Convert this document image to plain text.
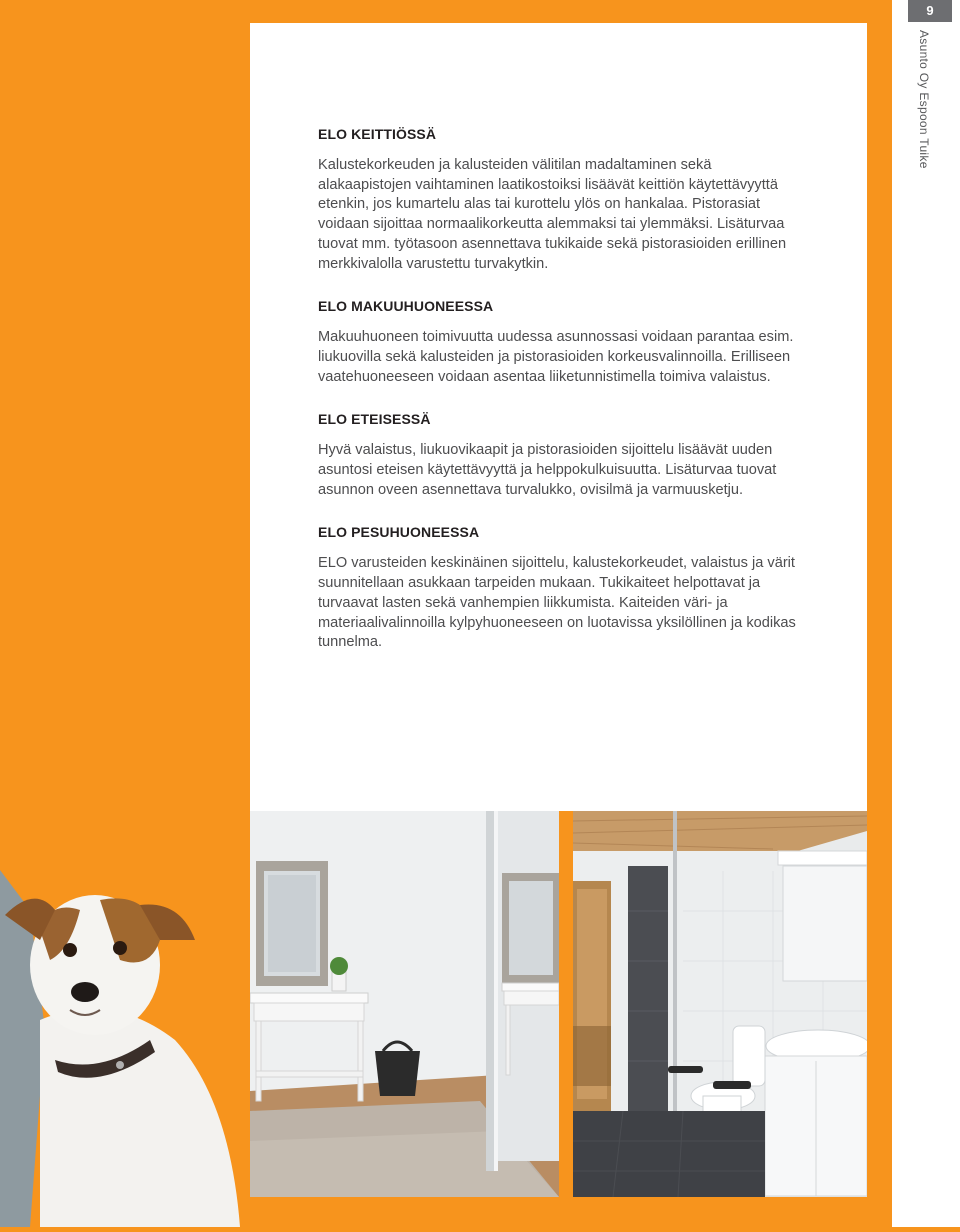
9
Asunto Oy Espoon Tuike
ELO KEITTIÖSSÄ

Kalustekorkeuden ja kalusteiden välitilan madaltaminen sekä alakaapistojen vaihtaminen laatikostoiksi lisäävät keittiön käytettävyyttä etenkin, jos kumartelu alas tai kurottelu ylös on hankalaa. Pistorasiat voidaan sijoittaa normaalikorkeutta alemmaksi tai ylemmäksi. Lisäturvaa tuovat mm. työtasoon asennettava tukikaide sekä pistorasioiden erillinen merkkivalolla varustettu turvakytkin.

ELO MAKUUHUONEESSA

Makuuhuoneen toimivuutta uudessa asunnossasi voidaan parantaa esim. liukuovilla sekä kalusteiden ja pistorasioiden korkeusvalinnoilla. Erilliseen vaatehuoneeseen voidaan asentaa liiketunnistimella toimiva valaistus.

ELO ETEISESSÄ

Hyvä valaistus, liukuovikaapit ja pistorasioiden sijoittelu lisäävät uuden asuntosi eteisen käytettävyyttä ja helppokulkuisuutta. Lisäturvaa tuovat asunnon oveen asennettava turvalukko, ovisilmä ja varmuusketju.

ELO PESUHUONEESSA

ELO varusteiden keskinäinen sijoittelu, kalustekorkeudet, valaistus ja värit suunnitellaan asukkaan tarpeiden mukaan. Tukikaiteet helpottavat ja turvaavat lasten sekä vanhempien liikkumista. Kaiteiden väri- ja materiaalivalinnoilla kylpyhuoneeseen on luotavissa yksilöllinen ja kodikas tunnelma.
